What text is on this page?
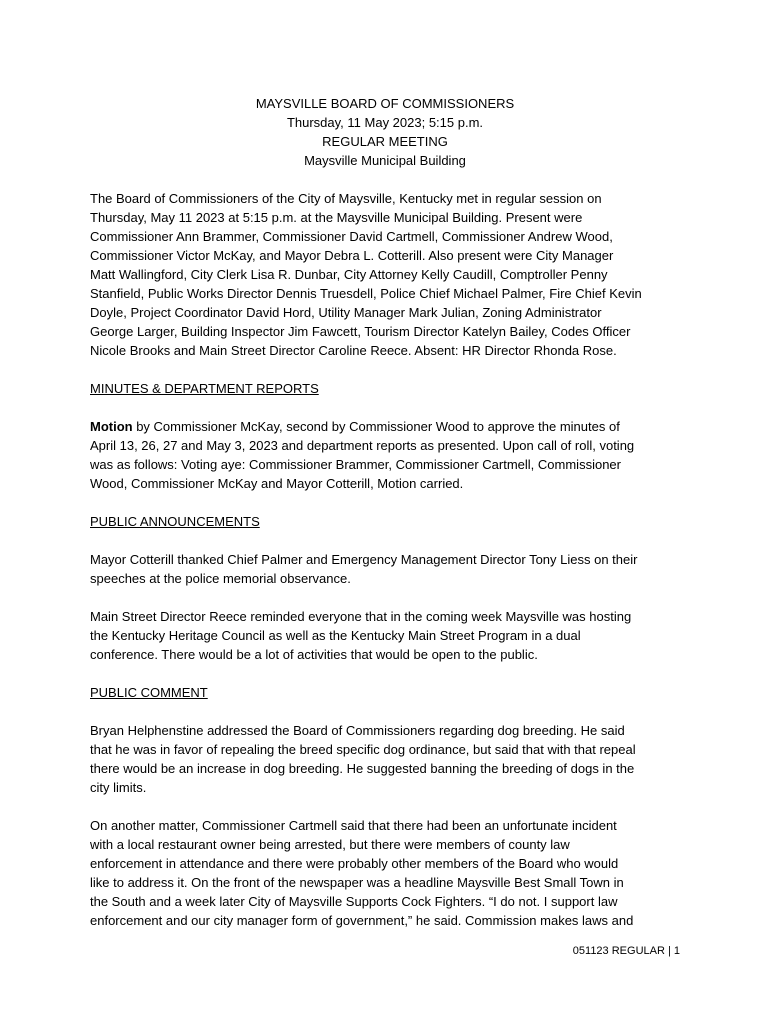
MAYSVILLE BOARD OF COMMISSIONERS
Thursday, 11 May 2023; 5:15 p.m.
REGULAR MEETING
Maysville Municipal Building
The Board of Commissioners of the City of Maysville, Kentucky met in regular session on
Thursday, May 11 2023 at 5:15 p.m. at the Maysville Municipal Building. Present were
Commissioner Ann Brammer, Commissioner David Cartmell, Commissioner Andrew Wood,
Commissioner Victor McKay, and Mayor Debra L. Cotterill. Also present were City Manager
Matt Wallingford, City Clerk Lisa R. Dunbar, City Attorney Kelly Caudill, Comptroller Penny
Stanfield, Public Works Director Dennis Truesdell, Police Chief Michael Palmer, Fire Chief Kevin
Doyle, Project Coordinator David Hord, Utility Manager Mark Julian, Zoning Administrator
George Larger, Building Inspector Jim Fawcett, Tourism Director Katelyn Bailey, Codes Officer
Nicole Brooks and Main Street Director Caroline Reece. Absent: HR Director Rhonda Rose.
MINUTES & DEPARTMENT REPORTS
Motion by Commissioner McKay, second by Commissioner Wood to approve the minutes of
April 13, 26, 27 and May 3, 2023 and department reports as presented. Upon call of roll, voting
was as follows: Voting aye: Commissioner Brammer, Commissioner Cartmell, Commissioner
Wood, Commissioner McKay and Mayor Cotterill, Motion carried.
PUBLIC ANNOUNCEMENTS
Mayor Cotterill thanked Chief Palmer and Emergency Management Director Tony Liess on their
speeches at the police memorial observance.
Main Street Director Reece reminded everyone that in the coming week Maysville was hosting
the Kentucky Heritage Council as well as the Kentucky Main Street Program in a dual
conference. There would be a lot of activities that would be open to the public.
PUBLIC COMMENT
Bryan Helphenstine addressed the Board of Commissioners regarding dog breeding. He said
that he was in favor of repealing the breed specific dog ordinance, but said that with that repeal
there would be an increase in dog breeding. He suggested banning the breeding of dogs in the
city limits.
On another matter, Commissioner Cartmell said that there had been an unfortunate incident
with a local restaurant owner being arrested, but there were members of county law
enforcement in attendance and there were probably other members of the Board who would
like to address it. On the front of the newspaper was a headline Maysville Best Small Town in
the South and a week later City of Maysville Supports Cock Fighters. “I do not. I support law
enforcement and our city manager form of government,” he said. Commission makes laws and
051123 REGULAR | 1
